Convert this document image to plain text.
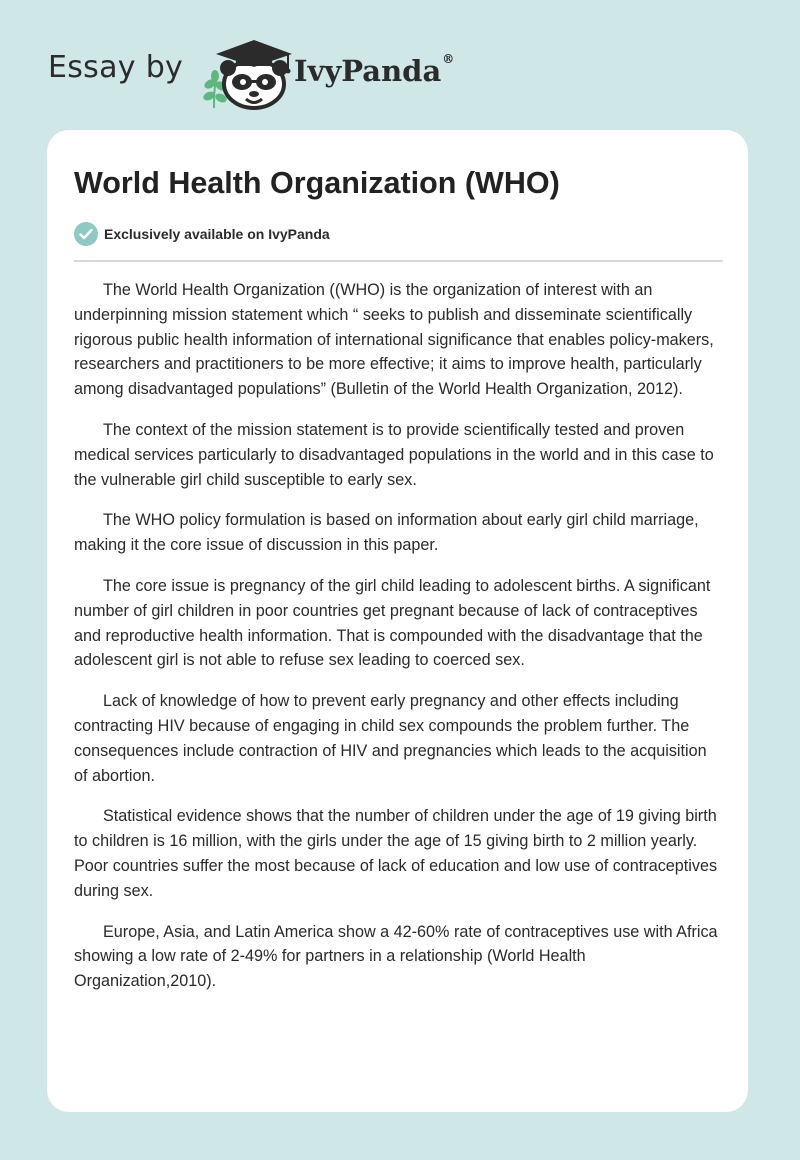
Essay by	IvyPanda®
World Health Organization (WHO)
Exclusively available on IvyPanda

The World Health Organization ((WHO) is the organization of interest with an underpinning mission statement which “ seeks to publish and disseminate scientifically rigorous public health information of international significance that enables policy-makers, researchers and practitioners to be more effective; it aims to improve health, particularly among disadvantaged populations” (Bulletin of the World Health Organization, 2012).

The context of the mission statement is to provide scientifically tested and proven medical services particularly to disadvantaged populations in the world and in this case to the vulnerable girl child susceptible to early sex.

The WHO policy formulation is based on information about early girl child marriage, making it the core issue of discussion in this paper.

The core issue is pregnancy of the girl child leading to adolescent births. A significant number of girl children in poor countries get pregnant because of lack of contraceptives and reproductive health information. That is compounded with the disadvantage that the adolescent girl is not able to refuse sex leading to coerced sex.

Lack of knowledge of how to prevent early pregnancy and other effects including contracting HIV because of engaging in child sex compounds the problem further. The consequences include contraction of HIV and pregnancies which leads to the acquisition of abortion.

Statistical evidence shows that the number of children under the age of 19 giving birth to children is 16 million, with the girls under the age of 15 giving birth to 2 million yearly. Poor countries suffer the most because of lack of education and low use of contraceptives during sex.

Europe, Asia, and Latin America show a 42-60% rate of contraceptives use with Africa showing a low rate of 2-49% for partners in a relationship (World Health Organization,2010).
